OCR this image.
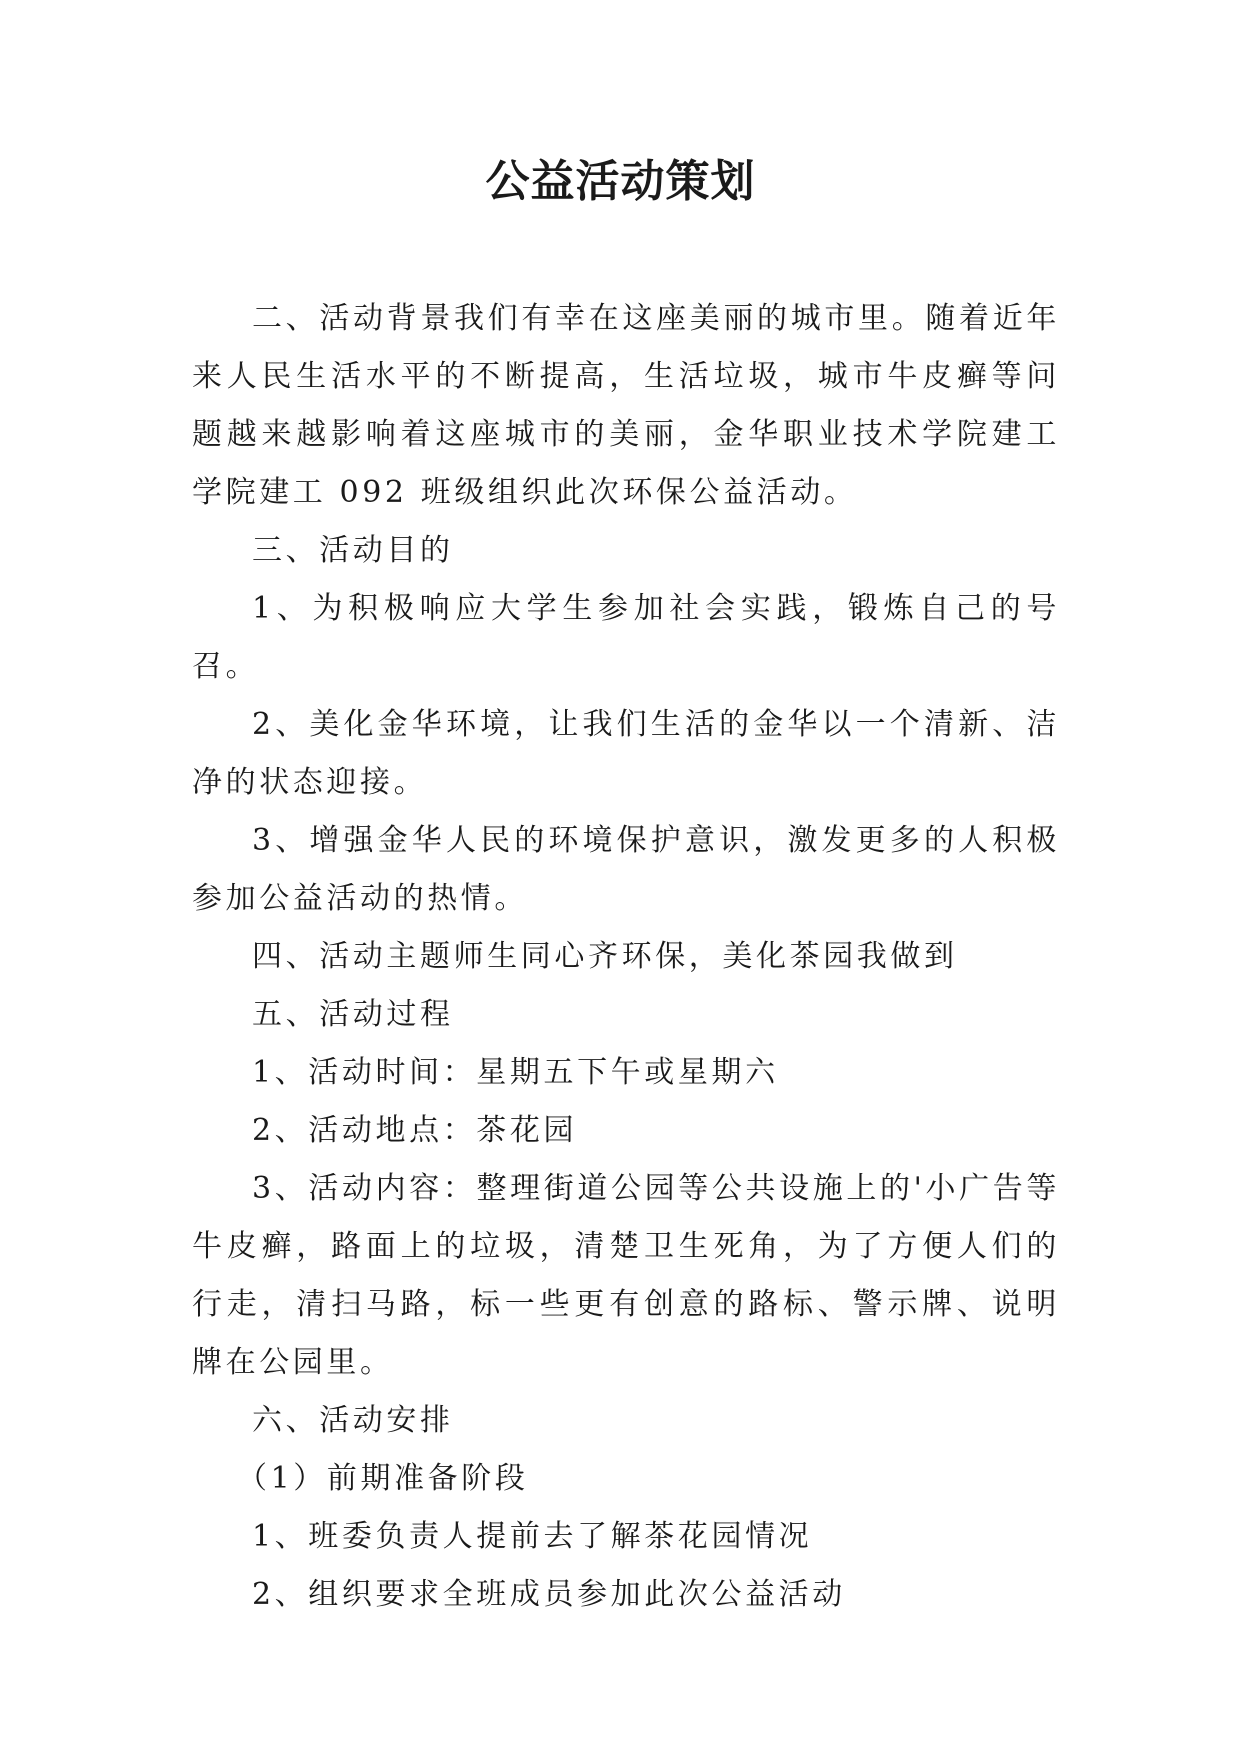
公益活动策划

二、活动背景我们有幸在这座美丽的城市里。随着近年来人民生活水平的不断提高，生活垃圾，城市牛皮癣等问题越来越影响着这座城市的美丽，金华职业技术学院建工学院建工 092 班级组织此次环保公益活动。

三、活动目的

1、为积极响应大学生参加社会实践，锻炼自己的号召。

2、美化金华环境，让我们生活的金华以一个清新、洁净的状态迎接。

3、增强金华人民的环境保护意识，激发更多的人积极参加公益活动的热情。

四、活动主题师生同心齐环保，美化茶园我做到

五、活动过程

1、活动时间：星期五下午或星期六

2、活动地点：茶花园

3、活动内容：整理街道公园等公共设施上的'小广告等牛皮癣，路面上的垃圾，清楚卫生死角，为了方便人们的行走，清扫马路，标一些更有创意的路标、警示牌、说明牌在公园里。

六、活动安排

（1）前期准备阶段

1、班委负责人提前去了解茶花园情况

2、组织要求全班成员参加此次公益活动
